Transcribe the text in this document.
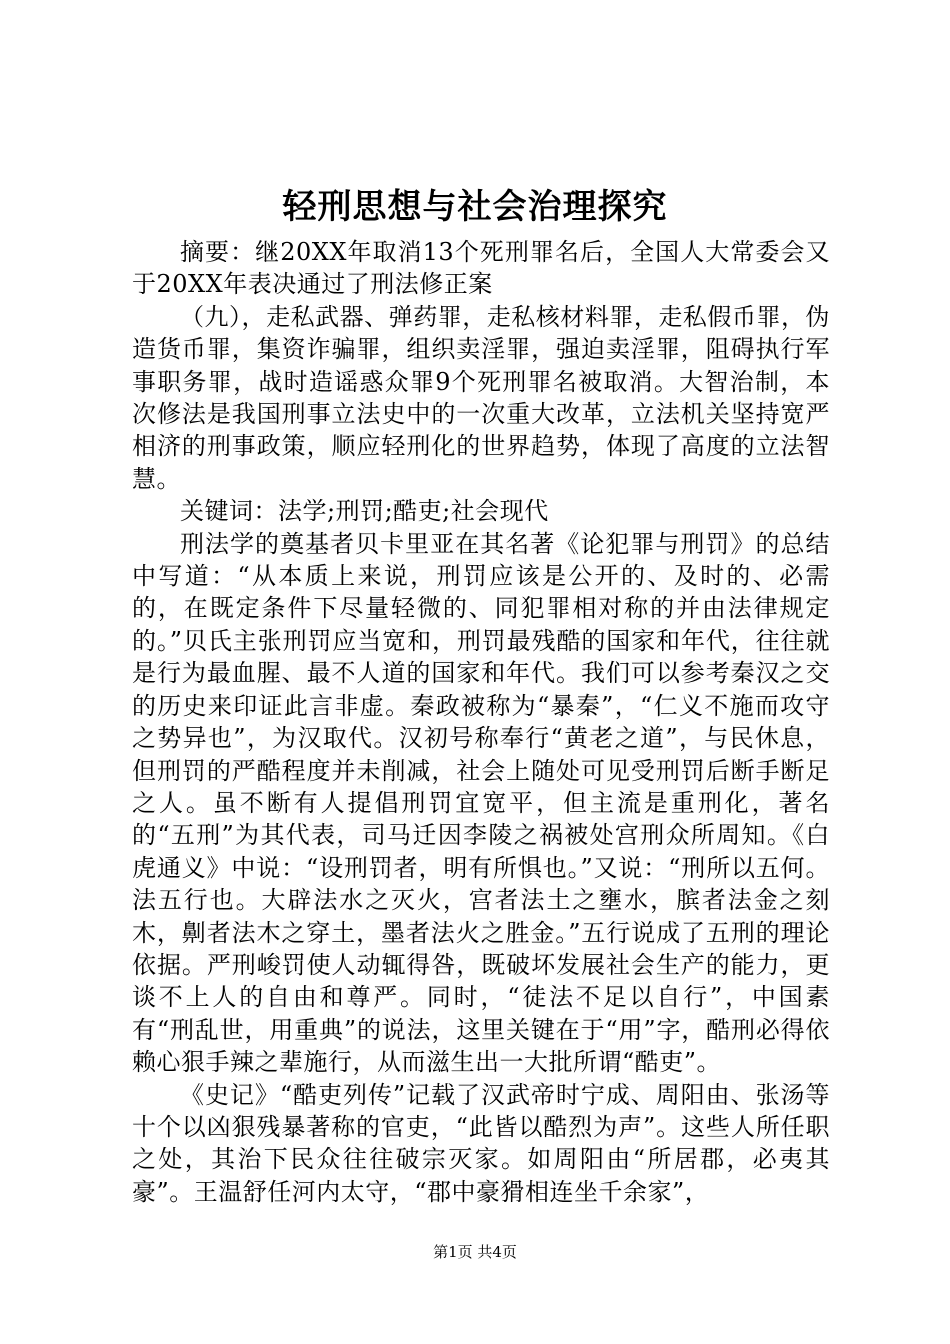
轻刑思想与社会治理探究

摘要：继20XX年取消13个死刑罪名后，全国人大常委会又于20XX年表决通过了刑法修正案

（九），走私武器、弹药罪，走私核材料罪，走私假币罪，伪造货币罪，集资诈骗罪，组织卖淫罪，强迫卖淫罪，阻碍执行军事职务罪，战时造谣惑众罪9个死刑罪名被取消。大智治制，本次修法是我国刑事立法史中的一次重大改革，立法机关坚持宽严相济的刑事政策，顺应轻刑化的世界趋势，体现了高度的立法智慧。

关键词：法学;刑罚;酷吏;社会现代

刑法学的奠基者贝卡里亚在其名著《论犯罪与刑罚》的总结中写道：“从本质上来说，刑罚应该是公开的、及时的、必需的，在既定条件下尽量轻微的、同犯罪相对称的并由法律规定的。”贝氏主张刑罚应当宽和，刑罚最残酷的国家和年代，往往就是行为最血腥、最不人道的国家和年代。我们可以参考秦汉之交的历史来印证此言非虚。秦政被称为“暴秦”，“仁义不施而攻守之势异也”，为汉取代。汉初号称奉行“黄老之道”，与民休息，但刑罚的严酷程度并未削减，社会上随处可见受刑罚后断手断足之人。虽不断有人提倡刑罚宜宽平，但主流是重刑化，著名的“五刑”为其代表，司马迁因李陵之祸被处宫刑众所周知。《白虎通义》中说：“设刑罚者，明有所惧也。”又说：“刑所以五何。法五行也。大辟法水之灭火，宫者法土之壅水，膑者法金之刻木，劓者法木之穿土，墨者法火之胜金。”五行说成了五刑的理论依据。严刑峻罚使人动辄得咎，既破坏发展社会生产的能力，更谈不上人的自由和尊严。同时，“徒法不足以自行”，中国素有“刑乱世，用重典”的说法，这里关键在于“用”字，酷刑必得依赖心狠手辣之辈施行，从而滋生出一大批所谓“酷吏”。

《史记》“酷吏列传”记载了汉武帝时宁成、周阳由、张汤等十个以凶狠残暴著称的官吏，“此皆以酷烈为声”。这些人所任职之处，其治下民众往往破宗灭家。如周阳由“所居郡，必夷其豪”。王温舒任河内太守，“郡中豪猾相连坐千余家”，

第1页 共4页
